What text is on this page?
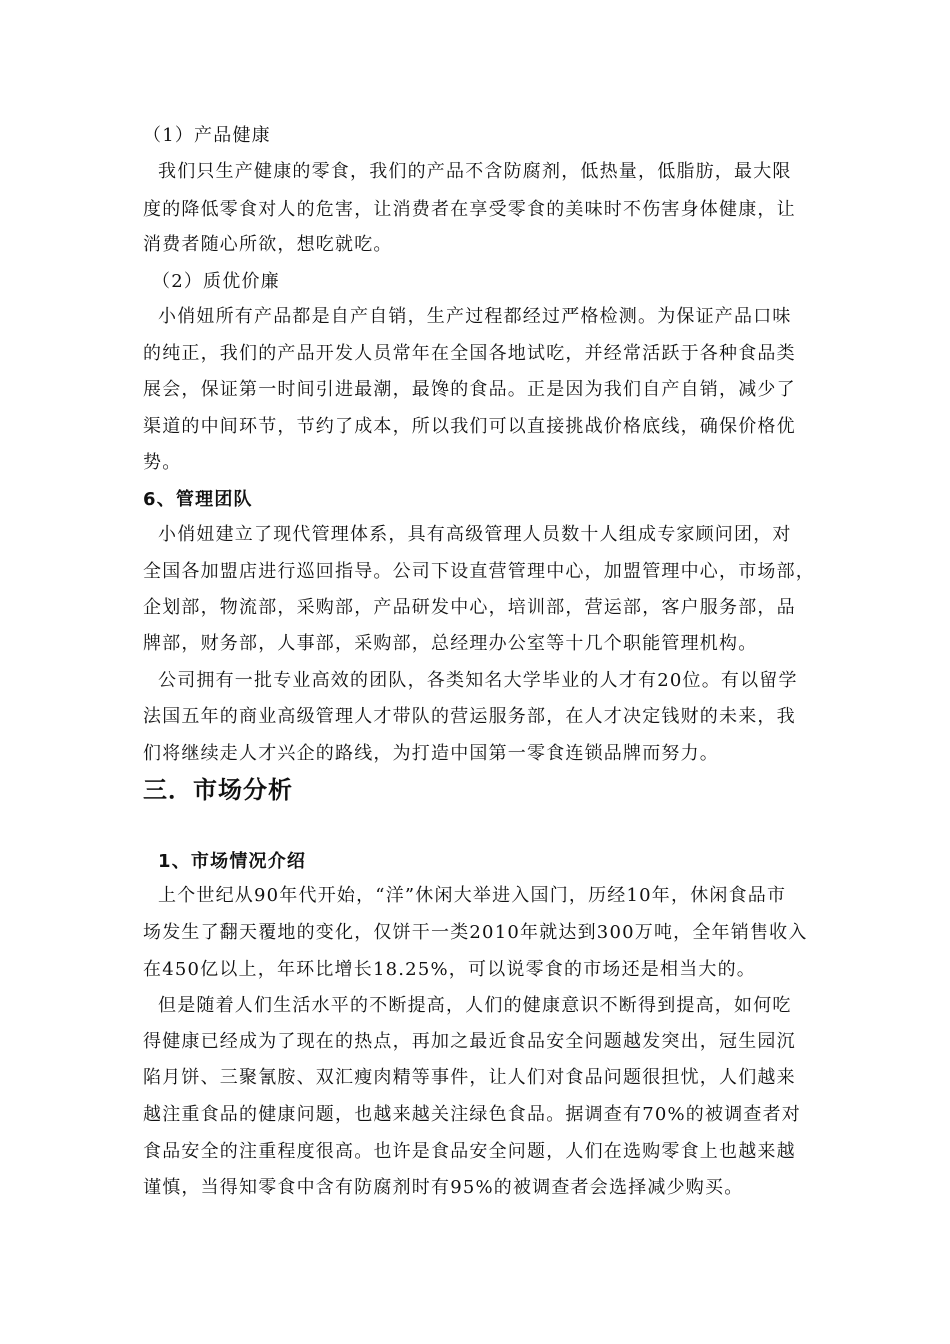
（1）产品健康
我们只生产健康的零食，我们的产品不含防腐剂，低热量，低脂肪，最大限
度的降低零食对人的危害，让消费者在享受零食的美味时不伤害身体健康，让
消费者随心所欲，想吃就吃。
（2）质优价廉
小俏妞所有产品都是自产自销，生产过程都经过严格检测。为保证产品口味
的纯正，我们的产品开发人员常年在全国各地试吃，并经常活跃于各种食品类
展会，保证第一时间引进最潮，最馋的食品。正是因为我们自产自销，减少了
渠道的中间环节，节约了成本，所以我们可以直接挑战价格底线，确保价格优
势。
6、管理团队
小俏妞建立了现代管理体系，具有高级管理人员数十人组成专家顾问团，对
全国各加盟店进行巡回指导。公司下设直营管理中心，加盟管理中心，市场部，
企划部，物流部，采购部，产品研发中心，培训部，营运部，客户服务部，品
牌部，财务部，人事部，采购部，总经理办公室等十几个职能管理机构。
公司拥有一批专业高效的团队，各类知名大学毕业的人才有20位。有以留学
法国五年的商业高级管理人才带队的营运服务部，在人才决定钱财的未来，我
们将继续走人才兴企的路线，为打造中国第一零食连锁品牌而努力。
三．市场分析
1、市场情况介绍
上个世纪从90年代开始，“洋”休闲大举进入国门，历经10年，休闲食品市
场发生了翻天覆地的变化，仅饼干一类2010年就达到300万吨，全年销售收入
在450亿以上，年环比增长18.25%，可以说零食的市场还是相当大的。
但是随着人们生活水平的不断提高，人们的健康意识不断得到提高，如何吃
得健康已经成为了现在的热点，再加之最近食品安全问题越发突出，冠生园沉
陷月饼、三聚氰胺、双汇瘦肉精等事件，让人们对食品问题很担忧，人们越来
越注重食品的健康问题，也越来越关注绿色食品。据调查有70%的被调查者对
食品安全的注重程度很高。也许是食品安全问题，人们在选购零食上也越来越
谨慎，当得知零食中含有防腐剂时有95%的被调查者会选择减少购买。
